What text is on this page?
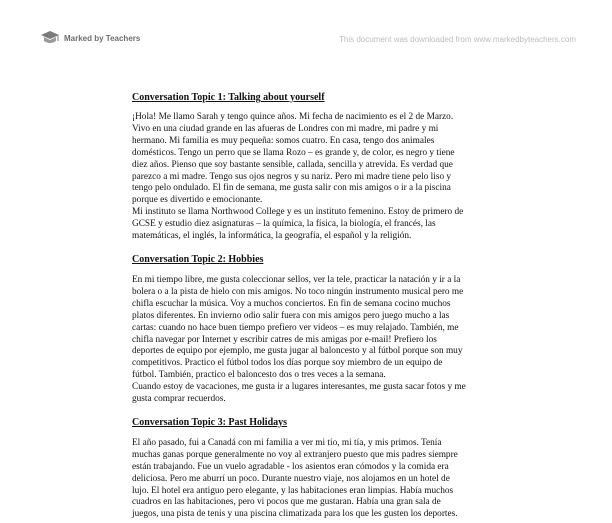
Marked by Teachers	This document was downloaded from www.markedbyteachers.com

Conversation Topic 1: Talking about yourself

¡Hola! Me llamo Sarah y tengo quince años. Mi fecha de nacimiento es el 2 de Marzo.
Vivo en una ciudad grande en las afueras de Londres con mi madre, mi padre y mi
hermano. Mi familia es muy pequeña: somos cuatro. En casa, tengo dos animales
domésticos. Tengo un perro que se llama Rozo – es grande y, de color, es negro y tiene
diez años. Pienso que soy bastante sensible, callada, sencilla y atrevida. Es verdad que
parezco a mi madre. Tengo sus ojos negros y su nariz. Pero mi madre tiene pelo liso y
tengo pelo ondulado. El fin de semana, me gusta salir con mis amigos o ir a la piscina
porque es divertido e emocionante.
Mi instituto se llama Northwood College y es un instituto femenino. Estoy de primero de
GCSE y estudio diez asignaturas – la química, la física, la biología, el francés, las
matemáticas, el inglés, la informática, la geografía, el español y la religión.

Conversation Topic 2: Hobbies

En mi tiempo libre, me gusta coleccionar sellos, ver la tele, practicar la natación y ir a la
bolera o a la pista de hielo con mis amigos. No toco ningún instrumento musical pero me
chifla escuchar la música. Voy a muchos conciertos. En fin de semana cocino muchos
platos diferentes. En invierno odio salir fuera con mis amigos pero juego mucho a las
cartas: cuando no hace buen tiempo prefiero ver videos – es muy relajado. También, me
chifla navegar por Internet y escribir catres de mis amigas por e-mail! Prefiero los
deportes de equipo por ejemplo, me gusta jugar al baloncesto y al fútbol porque son muy
competitivos. Practico el fútbol todos los días porque soy miembro de un equipo de
fútbol. También, practico el baloncesto dos o tres veces a la semana.
Cuando estoy de vacaciones, me gusta ir a lugares interesantes, me gusta sacar fotos y me
gusta comprar recuerdos.

Conversation Topic 3: Past Holidays

El año pasado, fui a Canadá con mi familia a ver mi tío, mi tía, y mis primos. Tenía
muchas ganas porque generalmente no voy al extranjero puesto que mis padres siempre
están trabajando. Fue un vuelo agradable - los asientos eran cómodos y la comida era
deliciosa. Pero me aburrí un poco. Durante nuestro viaje, nos alojamos en un hotel de
lujo. El hotel era antiguo pero elegante, y las habitaciones eran limpias. Había muchos
cuadros en las habitaciones, pero vi pocos que me gustaran. Había una gran sala de
juegos, una pista de tenis y una piscina climatizada para los que les gusten los deportes.
